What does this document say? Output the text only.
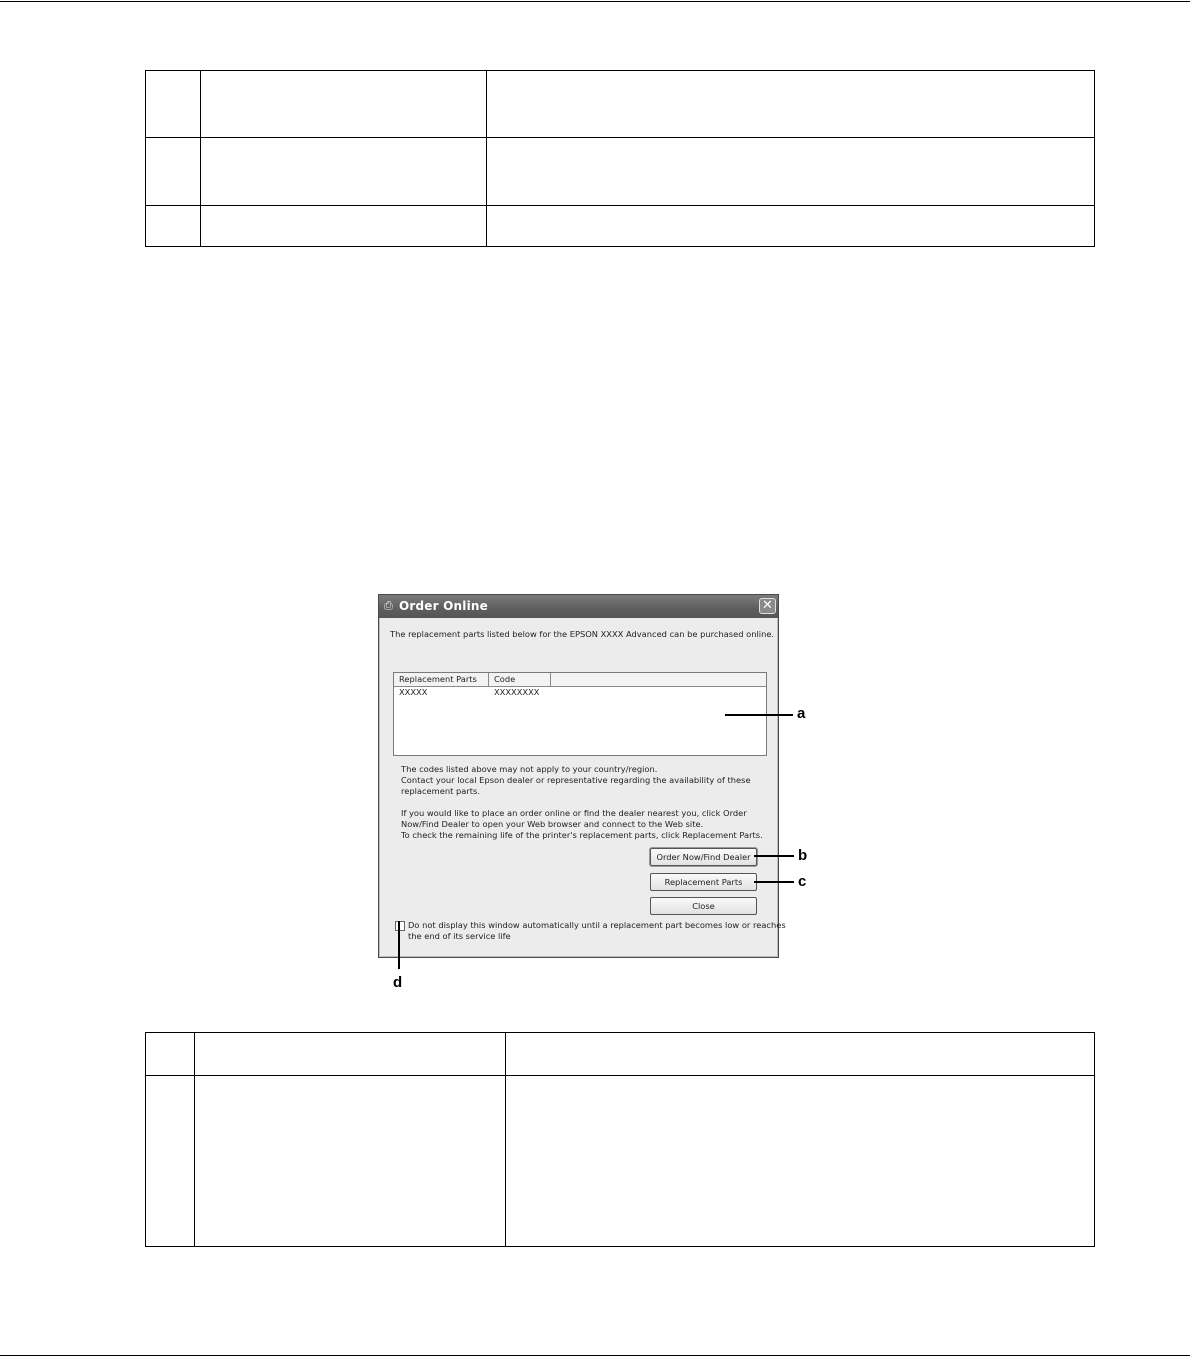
⎙ Order Online	✕
The replacement parts listed below for the EPSON XXXX Advanced can be purchased online.
Replacement Parts	Code
XXXXX	XXXXXXXX
The codes listed above may not apply to your country/region.
Contact your local Epson dealer or representative regarding the availability of these
replacement parts.
If you would like to place an order online or find the dealer nearest you, click Order
Now/Find Dealer to open your Web browser and connect to the Web site.
To check the remaining life of the printer's replacement parts, click Replacement Parts.
Order Now/Find Dealer
Replacement Parts
Close
Do not display this window automatically until a replacement part becomes low or reaches
the end of its service life
a
b
c
d
